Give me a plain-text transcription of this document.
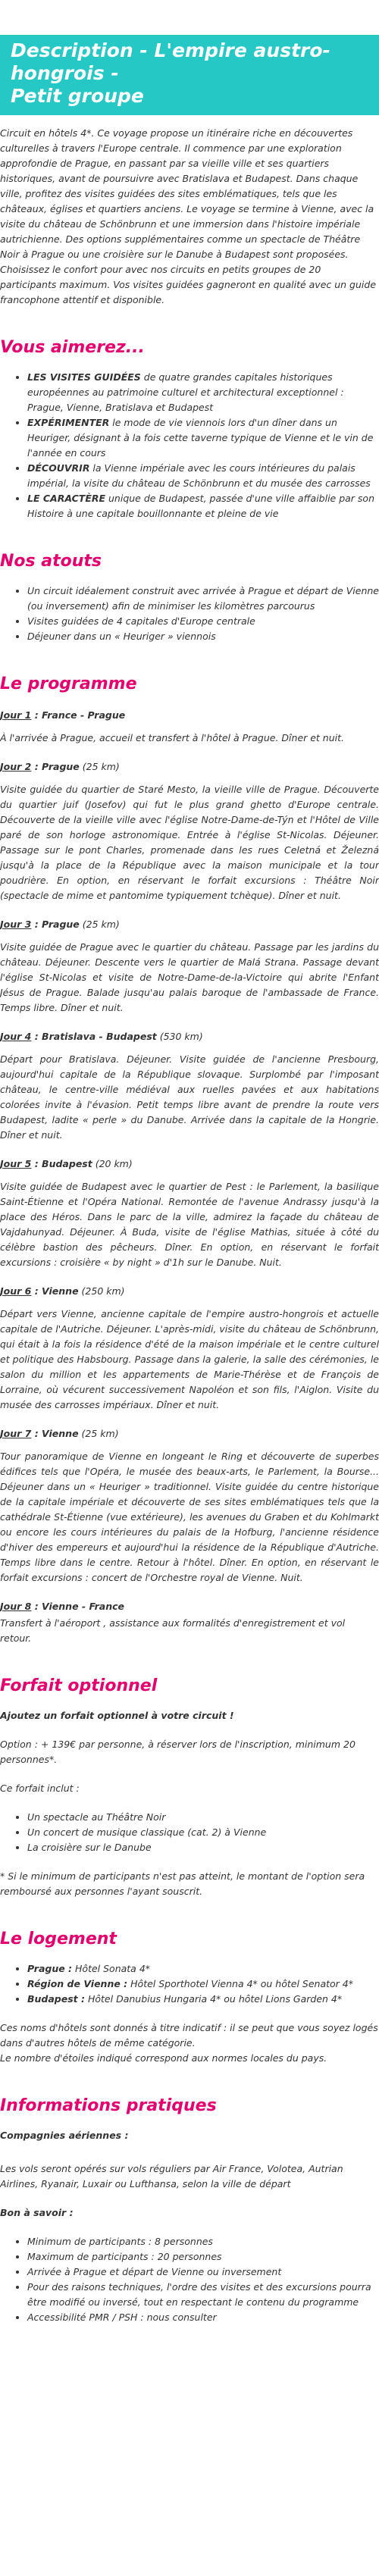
Description - L'empire austro-hongrois -
Petit groupe

Circuit en hôtels 4*. Ce voyage propose un itinéraire riche en découvertes culturelles à travers l'Europe centrale. Il commence par une exploration approfondie de Prague, en passant par sa vieille ville et ses quartiers historiques, avant de poursuivre avec Bratislava et Budapest. Dans chaque ville, profitez des visites guidées des sites emblématiques, tels que les châteaux, églises et quartiers anciens. Le voyage se termine à Vienne, avec la visite du château de Schönbrunn et une immersion dans l'histoire impériale autrichienne. Des options supplémentaires comme un spectacle de Théâtre Noir à Prague ou une croisière sur le Danube à Budapest sont proposées. Choisissez le confort pour avec nos circuits en petits groupes de 20 participants maximum. Vos visites guidées gagneront en qualité avec un guide francophone attentif et disponible.

Vous aimerez...
• LES VISITES GUIDÉES de quatre grandes capitales historiques européennes au patrimoine culturel et architectural exceptionnel : Prague, Vienne, Bratislava et Budapest
• EXPÉRIMENTER le mode de vie viennois lors d'un dîner dans un Heuriger, désignant à la fois cette taverne typique de Vienne et le vin de l'année en cours
• DÉCOUVRIR la Vienne impériale avec les cours intérieures du palais impérial, la visite du château de Schönbrunn et du musée des carrosses
• LE CARACTÈRE unique de Budapest, passée d'une ville affaiblie par son Histoire à une capitale bouillonnante et pleine de vie
Nos atouts
• Un circuit idéalement construit avec arrivée à Prague et départ de Vienne (ou inversement) afin de minimiser les kilomètres parcourus
• Visites guidées de 4 capitales d'Europe centrale
• Déjeuner dans un « Heuriger » viennois
Le programme

Jour 1 : France - Prague

À l'arrivée à Prague, accueil et transfert à l'hôtel à Prague. Dîner et nuit.

Jour 2 : Prague (25 km)

Visite guidée du quartier de Staré Mesto, la vieille ville de Prague. Découverte du quartier juif (Josefov) qui fut le plus grand ghetto d'Europe centrale. Découverte de la vieille ville avec l'église Notre-Dame-de-Týn et l'Hôtel de Ville paré de son horloge astronomique. Entrée à l'église St-Nicolas. Déjeuner. Passage sur le pont Charles, promenade dans les rues Celetná et Železná jusqu'à la place de la République avec la maison municipale et la tour poudrière. En option, en réservant le forfait excursions : Théâtre Noir (spectacle de mime et pantomime typiquement tchèque). Dîner et nuit.

Jour 3 : Prague (25 km)

Visite guidée de Prague avec le quartier du château. Passage par les jardins du château. Déjeuner. Descente vers le quartier de Malá Strana. Passage devant l'église St-Nicolas et visite de Notre-Dame-de-la-Victoire qui abrite l'Enfant Jésus de Prague. Balade jusqu'au palais baroque de l'ambassade de France. Temps libre. Dîner et nuit.

Jour 4 : Bratislava - Budapest (530 km)

Départ pour Bratislava. Déjeuner. Visite guidée de l'ancienne Presbourg, aujourd'hui capitale de la République slovaque. Surplombé par l'imposant château, le centre-ville médiéval aux ruelles pavées et aux habitations colorées invite à l'évasion. Petit temps libre avant de prendre la route vers Budapest, ladite « perle » du Danube. Arrivée dans la capitale de la Hongrie. Dîner et nuit.

Jour 5 : Budapest (20 km)

Visite guidée de Budapest avec le quartier de Pest : le Parlement, la basilique Saint-Étienne et l'Opéra National. Remontée de l'avenue Andrassy jusqu'à la place des Héros. Dans le parc de la ville, admirez la façade du château de Vajdahunyad. Déjeuner. À Buda, visite de l'église Mathias, située à côté du célèbre bastion des pêcheurs. Dîner. En option, en réservant le forfait excursions : croisière « by night » d'1h sur le Danube. Nuit.

Jour 6 : Vienne (250 km)

Départ vers Vienne, ancienne capitale de l'empire austro-hongrois et actuelle capitale de l'Autriche. Déjeuner. L'après-midi, visite du château de Schönbrunn, qui était à la fois la résidence d'été de la maison impériale et le centre culturel et politique des Habsbourg. Passage dans la galerie, la salle des cérémonies, le salon du million et les appartements de Marie-Thérèse et de François de Lorraine, où vécurent successivement Napoléon et son fils, l'Aiglon. Visite du musée des carrosses impériaux. Dîner et nuit.

Jour 7 : Vienne (25 km)

Tour panoramique de Vienne en longeant le Ring et découverte de superbes édifices tels que l'Opéra, le musée des beaux-arts, le Parlement, la Bourse... Déjeuner dans un « Heuriger » traditionnel. Visite guidée du centre historique de la capitale impériale et découverte de ses sites emblématiques tels que la cathédrale St-Étienne (vue extérieure), les avenues du Graben et du Kohlmarkt ou encore les cours intérieures du palais de la Hofburg, l'ancienne résidence d'hiver des empereurs et aujourd'hui la résidence de la République d'Autriche. Temps libre dans le centre. Retour à l'hôtel. Dîner. En option, en réservant le forfait excursions : concert de l'Orchestre royal de Vienne. Nuit.

Jour 8 : Vienne - France

Transfert à l'aéroport , assistance aux formalités d'enregistrement et vol retour.

Forfait optionnel

Ajoutez un forfait optionnel à votre circuit !

Option : + 139€ par personne, à réserver lors de l'inscription, minimum 20 personnes*.

Ce forfait inclut :

• Un spectacle au Théâtre Noir
• Un concert de musique classique (cat. 2) à Vienne
• La croisière sur le Danube

* Si le minimum de participants n'est pas atteint, le montant de l'option sera remboursé aux personnes l'ayant souscrit.

Le logement
• Prague : Hôtel Sonata 4*
• Région de Vienne : Hôtel Sporthotel Vienna 4* ou hôtel Senator 4*
• Budapest : Hôtel Danubius Hungaria 4* ou hôtel Lions Garden 4*

Ces noms d'hôtels sont donnés à titre indicatif : il se peut que vous soyez logés dans d'autres hôtels de même catégorie.

Le nombre d'étoiles indiqué correspond aux normes locales du pays.

Informations pratiques

Compagnies aériennes :

Les vols seront opérés sur vols réguliers par Air France, Volotea, Autrian Airlines, Ryanair, Luxair ou Lufthansa, selon la ville de départ

Bon à savoir :

• Minimum de participants : 8 personnes
• Maximum de participants : 20 personnes
• Arrivée à Prague et départ de Vienne ou inversement
• Pour des raisons techniques, l'ordre des visites et des excursions pourra être modifié ou inversé, tout en respectant le contenu du programme
• Accessibilité PMR / PSH : nous consulter
